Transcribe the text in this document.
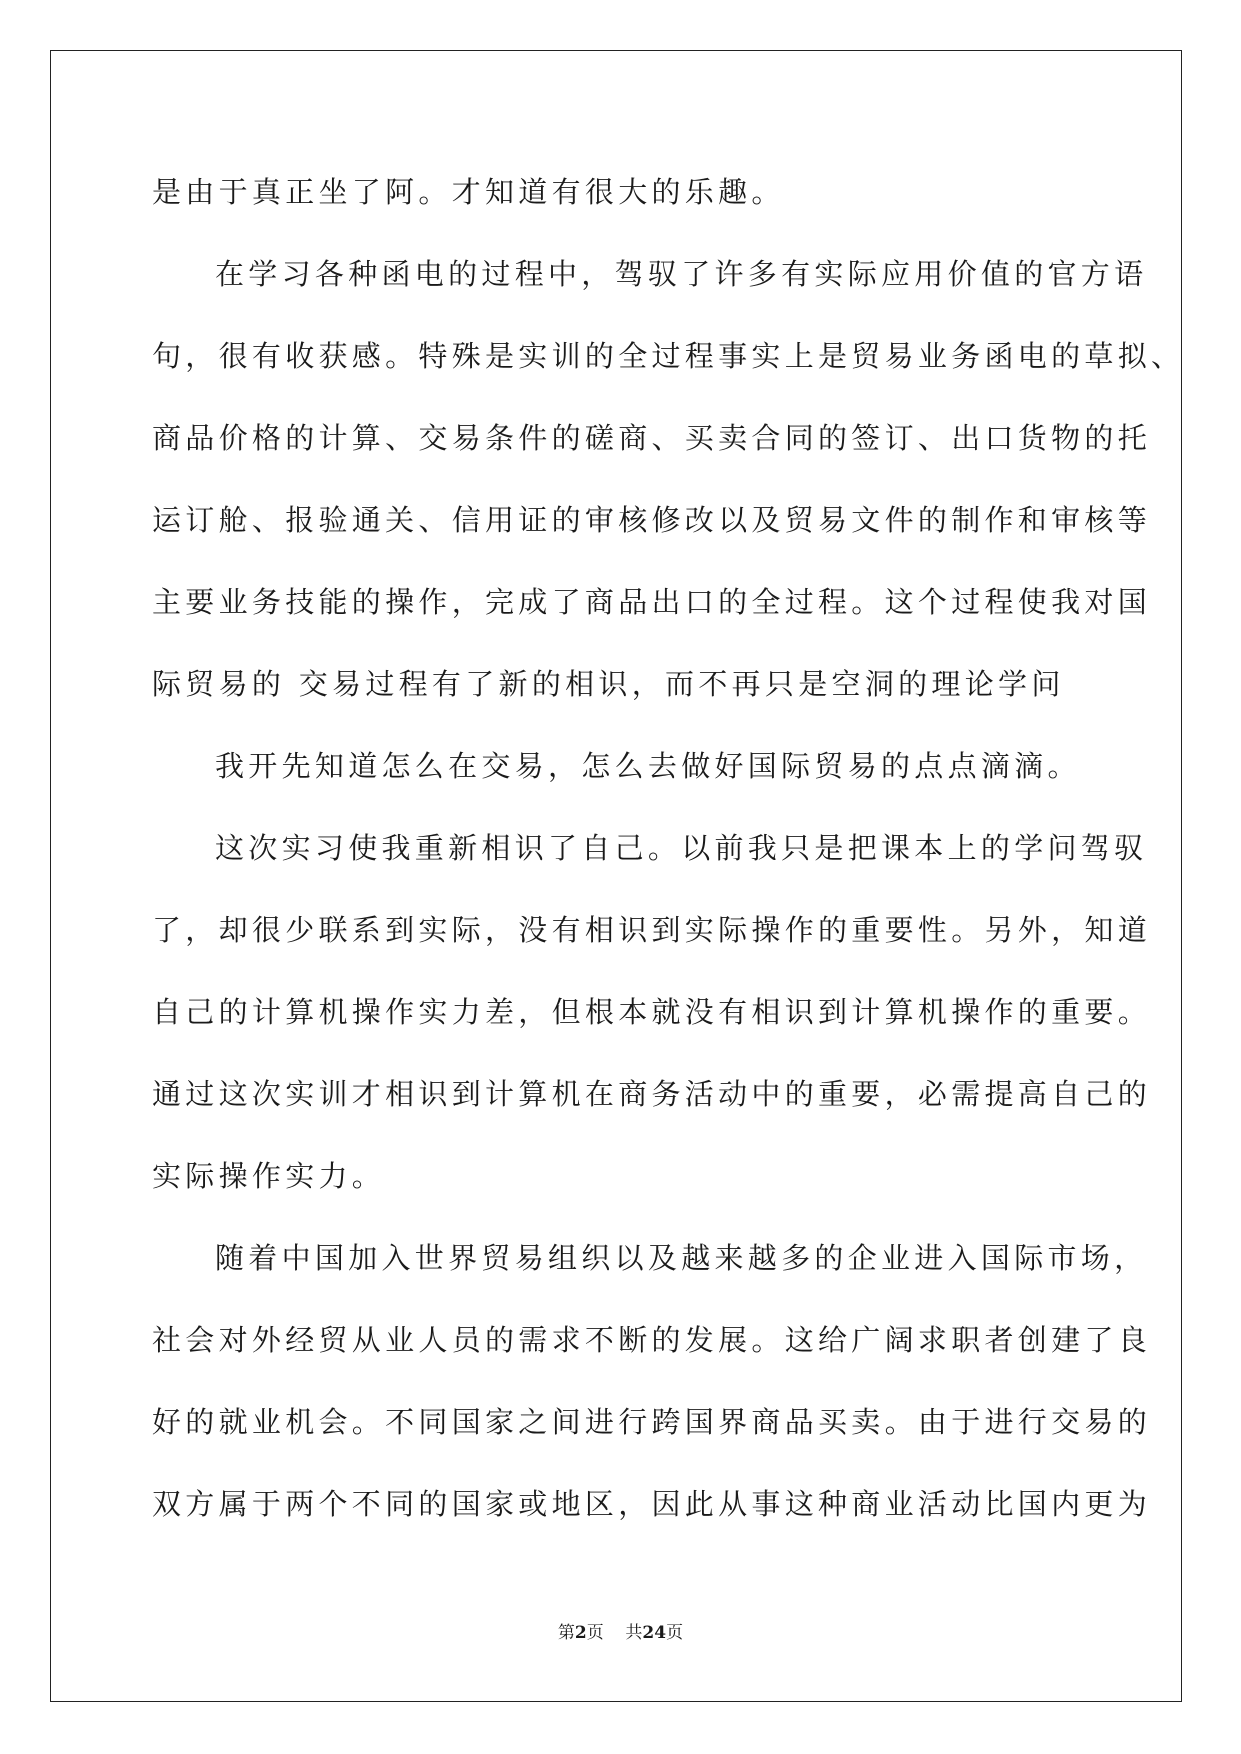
是由于真正坐了阿。才知道有很大的乐趣。
在学习各种函电的过程中，驾驭了许多有实际应用价值的官方语
句，很有收获感。特殊是实训的全过程事实上是贸易业务函电的草拟、
商品价格的计算、交易条件的磋商、买卖合同的签订、出口货物的托
运订舱、报验通关、信用证的审核修改以及贸易文件的制作和审核等
主要业务技能的操作，完成了商品出口的全过程。这个过程使我对国
际贸易的 交易过程有了新的相识，而不再只是空洞的理论学问
我开先知道怎么在交易，怎么去做好国际贸易的点点滴滴。
这次实习使我重新相识了自己。以前我只是把课本上的学问驾驭
了，却很少联系到实际，没有相识到实际操作的重要性。另外，知道
自己的计算机操作实力差，但根本就没有相识到计算机操作的重要。
通过这次实训才相识到计算机在商务活动中的重要，必需提高自己的
实际操作实力。
随着中国加入世界贸易组织以及越来越多的企业进入国际市场，
社会对外经贸从业人员的需求不断的发展。这给广阔求职者创建了良
好的就业机会。不同国家之间进行跨国界商品买卖。由于进行交易的
双方属于两个不同的国家或地区，因此从事这种商业活动比国内更为
第2页 共24页
